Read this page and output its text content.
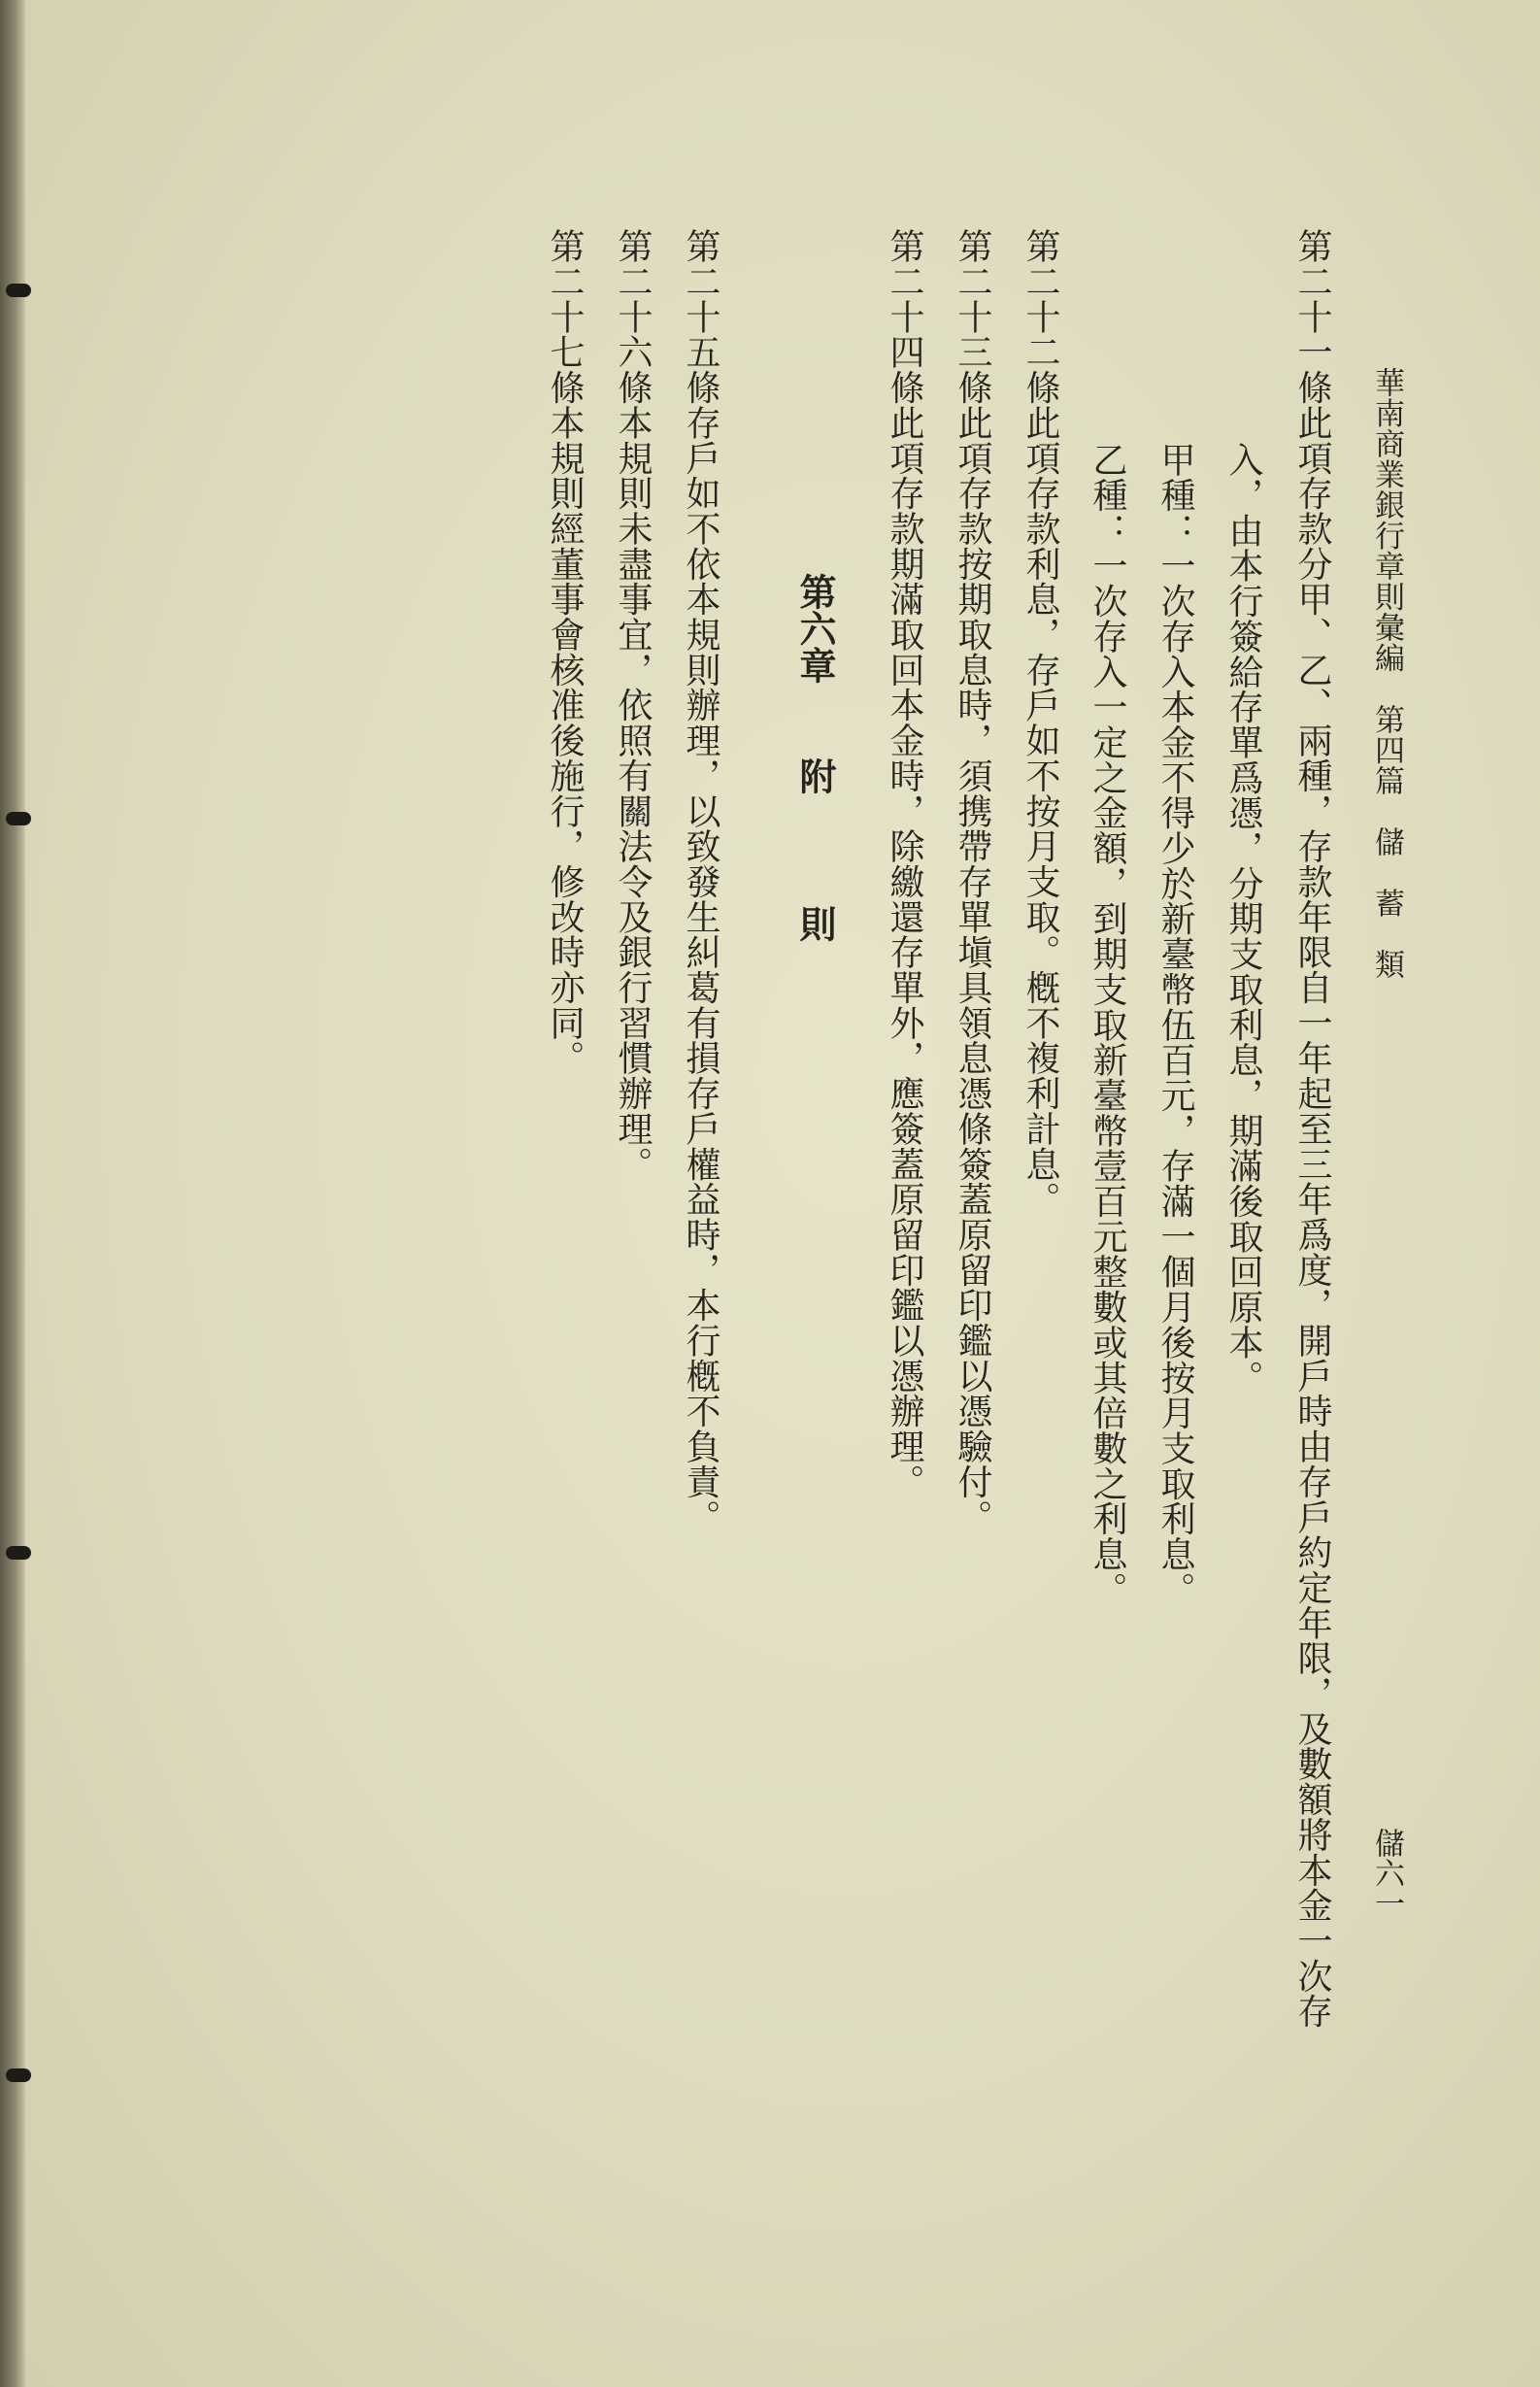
華南商業銀行章則彙編　第四篇　儲　蓄　類

儲六一

第二十一條此項存款分甲、乙、兩種，存款年限自一年起至三年爲度，開戶時由存戶約定年限，及數額將本金一次存

入，由本行簽給存單爲憑，分期支取利息，期滿後取回原本。

甲種：一次存入本金不得少於新臺幣伍百元，存滿一個月後按月支取利息。

乙種：一次存入一定之金額，到期支取新臺幣壹百元整數或其倍數之利息。

第二十二條此項存款利息，存戶如不按月支取。槪不複利計息。

第二十三條此項存款按期取息時，須携帶存單塡具領息憑條簽蓋原留印鑑以憑驗付。

第二十四條此項存款期滿取回本金時，除繳還存單外，應簽蓋原留印鑑以憑辦理。

第六章　　附　　　則

第二十五條存戶如不依本規則辦理，以致發生糾葛有損存戶權益時，本行槪不負責。

第二十六條本規則未盡事宜，依照有關法令及銀行習慣辦理。

第二十七條本規則經董事會核准後施行，修改時亦同。
